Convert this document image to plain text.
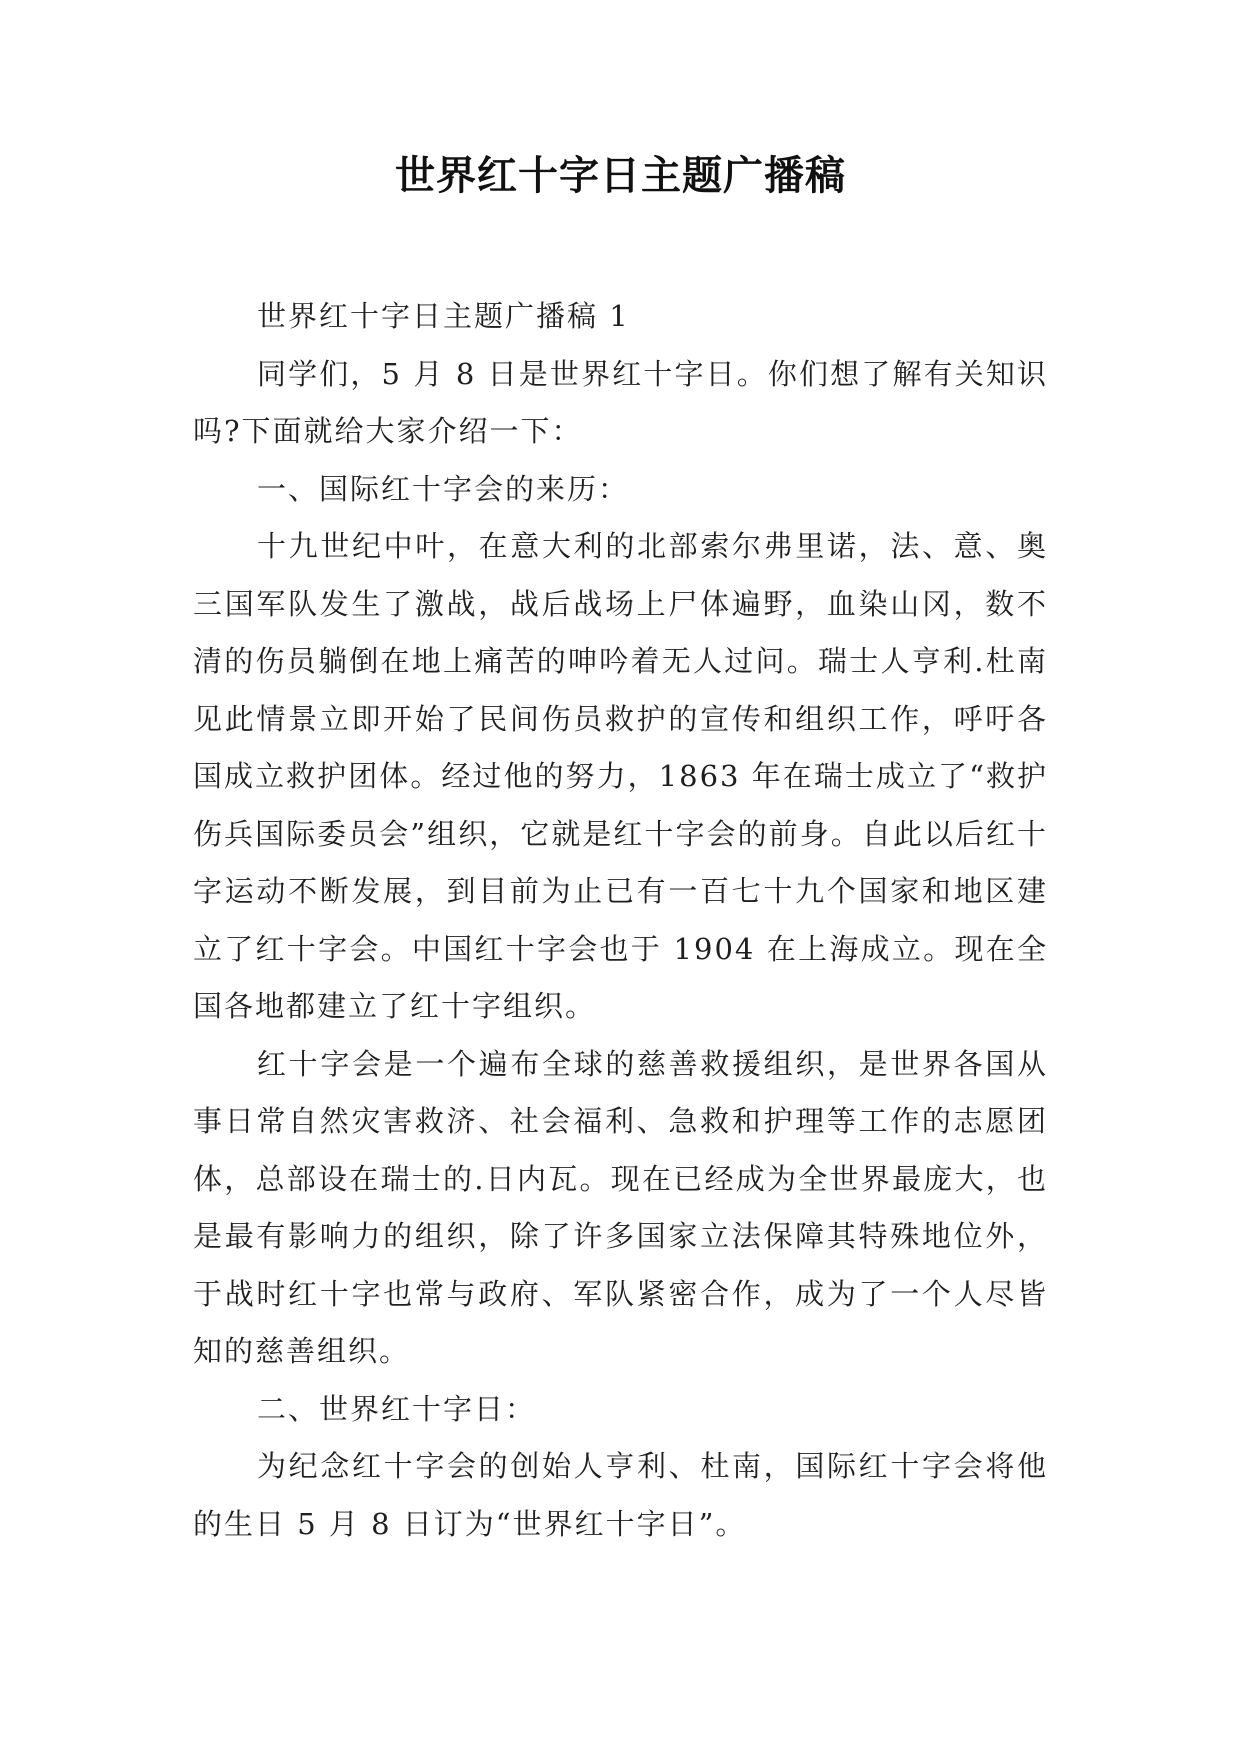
世界红十字日主题广播稿

世界红十字日主题广播稿 1

同学们，5 月 8 日是世界红十字日。你们想了解有关知识吗?下面就给大家介绍一下：

一、国际红十字会的来历：

十九世纪中叶，在意大利的北部索尔弗里诺，法、意、奥三国军队发生了激战，战后战场上尸体遍野，血染山冈，数不清的伤员躺倒在地上痛苦的呻吟着无人过问。瑞士人亨利.杜南见此情景立即开始了民间伤员救护的宣传和组织工作，呼吁各国成立救护团体。经过他的努力，1863 年在瑞士成立了“救护伤兵国际委员会”组织，它就是红十字会的前身。自此以后红十字运动不断发展，到目前为止已有一百七十九个国家和地区建立了红十字会。中国红十字会也于 1904 在上海成立。现在全国各地都建立了红十字组织。

红十字会是一个遍布全球的慈善救援组织，是世界各国从事日常自然灾害救济、社会福利、急救和护理等工作的志愿团体，总部设在瑞士的.日内瓦。现在已经成为全世界最庞大，也是最有影响力的组织，除了许多国家立法保障其特殊地位外，于战时红十字也常与政府、军队紧密合作，成为了一个人尽皆知的慈善组织。

二、世界红十字日：

为纪念红十字会的创始人亨利、杜南，国际红十字会将他的生日 5 月 8 日订为“世界红十字日”。
